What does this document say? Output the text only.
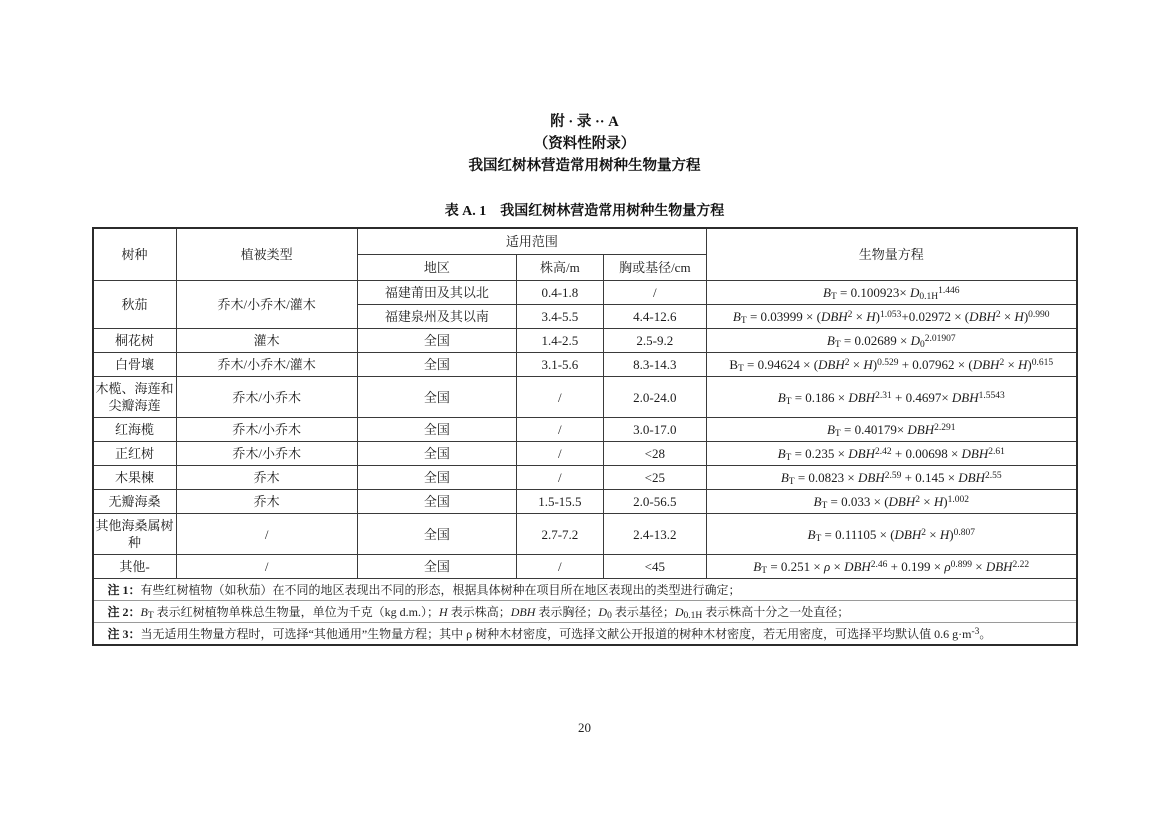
附 · 录 ·· A
（资料性附录）
我国红树林营造常用树种生物量方程
表 A. 1　我国红树林营造常用树种生物量方程
树种	植被类型	适用范围			生物量方程
		地区	株高/m	胸或基径/cm	
秋茄	乔木/小乔木/灌木	福建莆田及其以北	0.4-1.8	/	$B_T = 0.100923\times D_{0.1H}^{1.446}$
		福建泉州及其以南	3.4-5.5	4.4-12.6	$B_T = 0.03999 \times (DBH^2 \times H)^{1.053}+0.02972 \times (DBH^2 \times H)^{0.990}$
桐花树	灌木	全国	1.4-2.5	2.5-9.2	$B_T = 0.02689 \times D_0^{2.01907}$
白骨壤	乔木/小乔木/灌木	全国	3.1-5.6	8.3-14.3	$B_T = 0.94624 \times (DBH^2 \times H)^{0.529} + 0.07962 \times (DBH^2 \times H)^{0.615}$
木榄、海莲和尖瓣海莲	乔木/小乔木	全国	/	2.0-24.0	$B_T = 0.186 \times DBH^{2.31} + 0.4697\times DBH^{1.5543}$
红海榄	乔木/小乔木	全国	/	3.0-17.0	$B_T = 0.40179\times DBH^{2.291}$
正红树	乔木/小乔木	全国	/	<28	$B_T = 0.235 \times DBH^{2.42} + 0.00698 \times DBH^{2.61}$
木果楝	乔木	全国	/	<25	$B_T = 0.0823 \times DBH^{2.59} + 0.145 \times DBH^{2.55}$
无瓣海桑	乔木	全国	1.5-15.5	2.0-56.5	$B_T = 0.033 \times (DBH^2 \times H)^{1.002}$
其他海桑属树种	/	全国	2.7-7.2	2.4-13.2	$B_T = 0.11105 \times (DBH^2 \times H)^{0.807}$
其他-	/	全国	/	<45	$B_T = 0.251 \times \rho \times DBH^{2.46} + 0.199 \times \rho^{0.899} \times DBH^{2.22}$
注 1：有些红树植物（如秋茄）在不同的地区表现出不同的形态，根据具体树种在项目所在地区表现出的类型进行确定；					
注 2：$B_T$ 表示红树植物单株总生物量，单位为千克（kg d.m.）；H 表示株高；DBH 表示胸径；$D_0$ 表示基径；$D_{0.1H}$ 表示株高十分之一处直径；					
注 3：当无适用生物量方程时，可选择“其他通用”生物量方程；其中 ρ 树种木材密度，可选择文献公开报道的树种木材密度，若无用密度，可选择平均默认值 0.6 $g\cdot m^{-3}$。					
20
